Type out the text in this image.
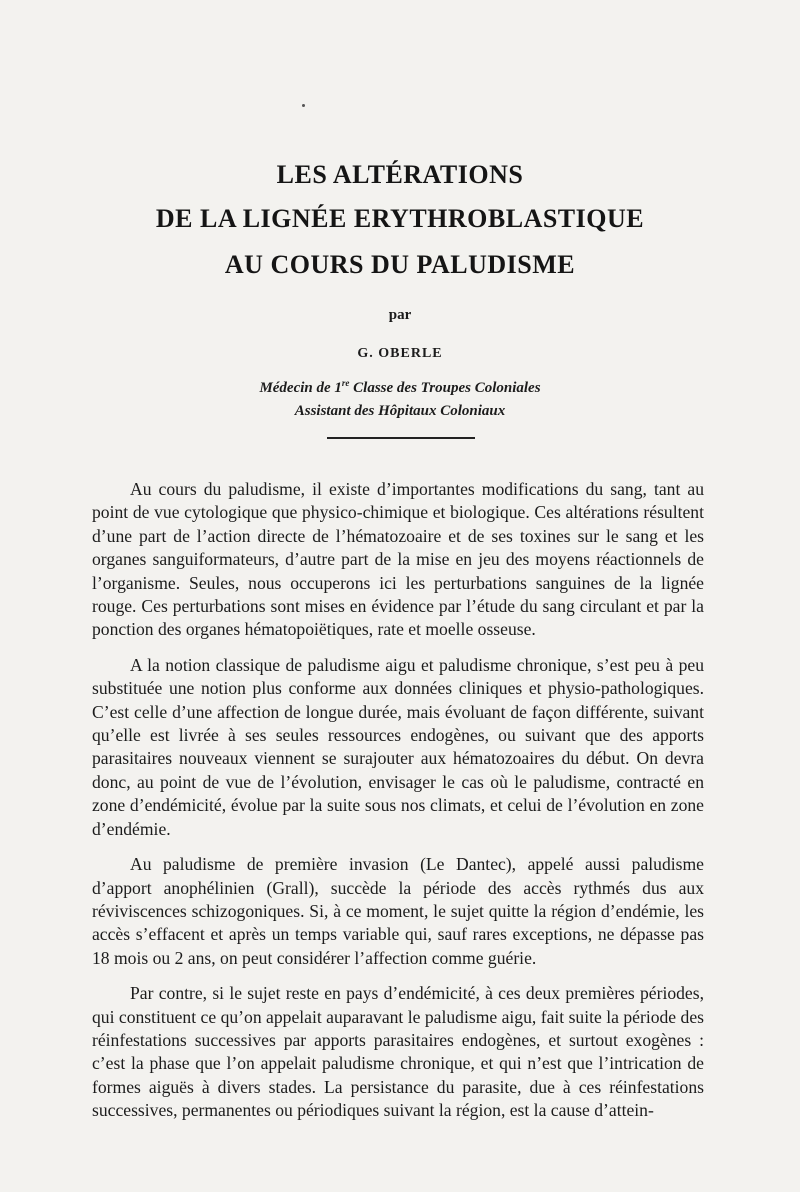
LES ALTÉRATIONS
DE LA LIGNÉE ERYTHROBLASTIQUE
AU COURS DU PALUDISME
par
G. OBERLE
Médecin de 1re Classe des Troupes Coloniales
Assistant des Hôpitaux Coloniaux

Au cours du paludisme, il existe d’importantes modifications du sang, tant au point de vue cytologique que physico-chimique et biologique. Ces altérations résultent d’une part de l’action directe de l’hématozoaire et de ses toxines sur le sang et les organes sanguiformateurs, d’autre part de la mise en jeu des moyens réactionnels de l’organisme. Seules, nous occuperons ici les perturbations sanguines de la lignée rouge. Ces perturbations sont mises en évidence par l’étude du sang circulant et par la ponction des organes hématopoiëtiques, rate et moelle osseuse.

A la notion classique de paludisme aigu et paludisme chronique, s’est peu à peu substituée une notion plus conforme aux données cliniques et physio-pathologiques. C’est celle d’une affection de longue durée, mais évoluant de façon différente, suivant qu’elle est livrée à ses seules ressources endogènes, ou suivant que des apports parasitaires nouveaux viennent se surajouter aux hématozoaires du début. On devra donc, au point de vue de l’évolution, envisager le cas où le paludisme, contracté en zone d’endémicité, évolue par la suite sous nos climats, et celui de l’évolution en zone d’endémie.

Au paludisme de première invasion (Le Dantec), appelé aussi paludisme d’apport anophélinien (Grall), succède la période des accès rythmés dus aux réviviscences schizogoniques. Si, à ce moment, le sujet quitte la région d’endémie, les accès s’effacent et après un temps variable qui, sauf rares exceptions, ne dépasse pas 18 mois ou 2 ans, on peut considérer l’affection comme guérie.

Par contre, si le sujet reste en pays d’endémicité, à ces deux premières périodes, qui constituent ce qu’on appelait auparavant le paludisme aigu, fait suite la période des réinfestations successives par apports parasitaires endogènes, et surtout exogènes : c’est la phase que l’on appelait paludisme chronique, et qui n’est que l’intrication de formes aiguës à divers stades. La persistance du parasite, due à ces réinfestations successives, permanentes ou périodiques suivant la région, est la cause d’attein-
